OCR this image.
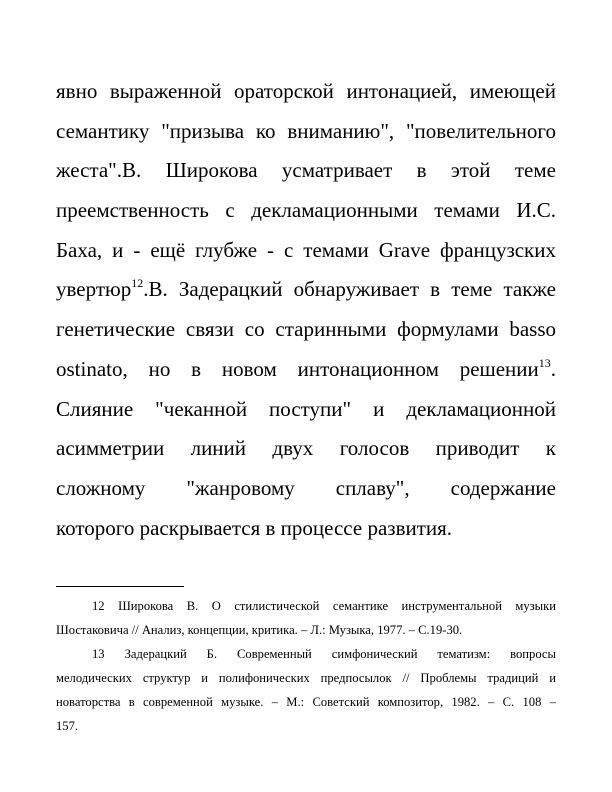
явно выраженной ораторской интонацией, имеющей
семантику "призыва ко вниманию", "повелительного
жеста".В. Широкова усматривает в этой теме
преемственность с декламационными темами И.С.
Баха, и - ещё глубже - с темами Grave французских
увертюр$^{12}$.В. Задерацкий обнаруживает в теме также
генетические связи со старинными формулами basso
ostinato, но в новом интонационном решении$^{13}$.
Слияние "чеканной поступи" и декламационной
асимметрии линий двух голосов приводит к
сложному "жанровому сплаву", содержание
которого раскрывается в процессе развития.
12 Широкова В. О стилистической семантике инструментальной музыки
Шостаковича // Анализ, концепции, критика. – Л.: Музыка, 1977. – С.19-30.
13 Задерацкий Б. Современный симфонический тематизм: вопросы
мелодических структур и полифонических предпосылок // Проблемы традиций и
новаторства в современной музыке. – М.: Советский композитор, 1982. – С. 108 –
157.
